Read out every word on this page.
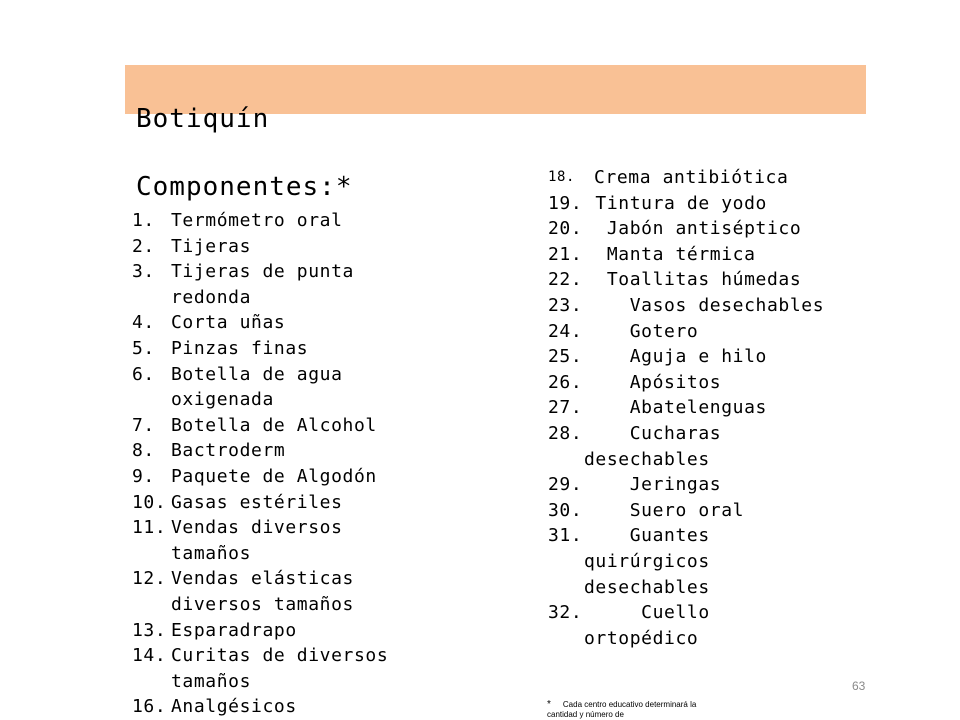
Botiquín
Componentes:*
1. Termómetro oral
2. Tijeras
3. Tijeras de punta
redonda
4. Corta uñas
5. Pinzas finas
6. Botella de agua
oxigenada
7. Botella de Alcohol
8. Bactroderm
9. Paquete de Algodón
10. Gasas estériles
11. Vendas diversos
tamaños
12. Vendas elásticas
diversos tamaños
13. Esparadrapo
14. Curitas de diversos
tamaños
16. Analgésicos
18.	Crema antibiótica
19. Tintura de yodo
20. Jabón antiséptico
21. Manta térmica
22. Toallitas húmedas
23. Vasos desechables
24. Gotero
25. Aguja e hilo
26. Apósitos
27. Abatelenguas
28. Cucharas
desechables
29. Jeringas
30. Suero oral
31. Guantes
quirúrgicos
desechables
32. Cuello
ortopédico
63
* Cada centro educativo determinará la
cantidad y número de
